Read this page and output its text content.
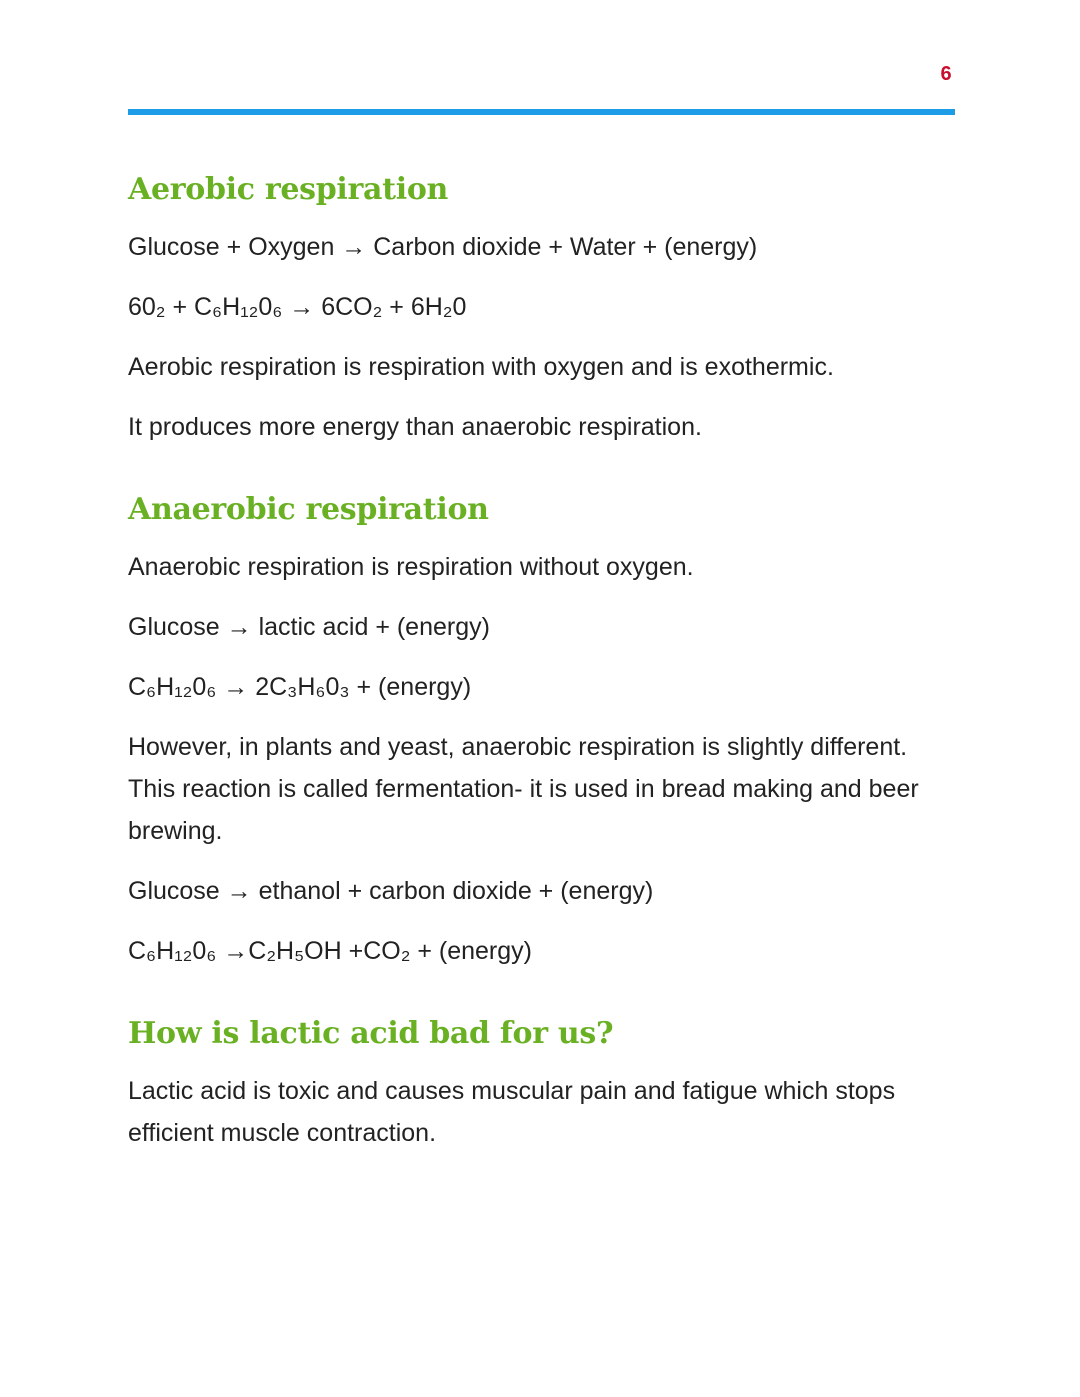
6
Aerobic respiration

Glucose + Oxygen → Carbon dioxide + Water + (energy)

60₂ + C₆H₁₂0₆ → 6CO₂ + 6H₂0

Aerobic respiration is respiration with oxygen and is exothermic.

It produces more energy than anaerobic respiration.

Anaerobic respiration

Anaerobic respiration is respiration without oxygen.

Glucose → lactic acid + (energy)

C₆H₁₂0₆ → 2C₃H₆0₃ + (energy)

However, in plants and yeast, anaerobic respiration is slightly different. This reaction is called fermentation- it is used in bread making and beer brewing.

Glucose → ethanol + carbon dioxide + (energy)

C₆H₁₂0₆ →C₂H₅OH +CO₂ + (energy)

How is lactic acid bad for us?

Lactic acid is toxic and causes muscular pain and fatigue which stops efficient muscle contraction.
